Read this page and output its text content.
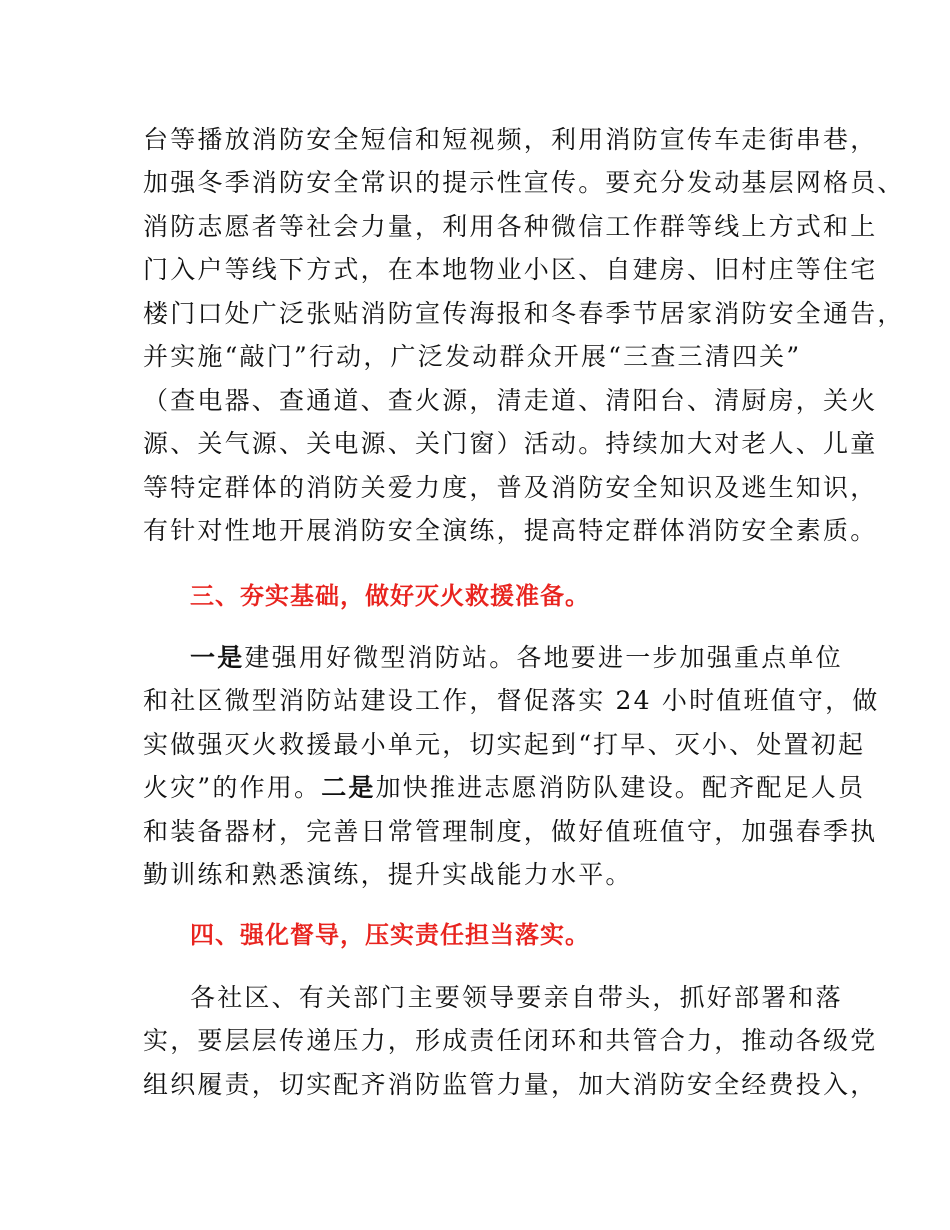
台等播放消防安全短信和短视频，利用消防宣传车走街串巷，
加强冬季消防安全常识的提示性宣传。要充分发动基层网格员、
消防志愿者等社会力量，利用各种微信工作群等线上方式和上
门入户等线下方式，在本地物业小区、自建房、旧村庄等住宅
楼门口处广泛张贴消防宣传海报和冬春季节居家消防安全通告，
并实施“敲门”行动，广泛发动群众开展“三查三清四关”
（查电器、查通道、查火源，清走道、清阳台、清厨房，关火
源、关气源、关电源、关门窗）活动。持续加大对老人、儿童
等特定群体的消防关爱力度，普及消防安全知识及逃生知识，
有针对性地开展消防安全演练，提高特定群体消防安全素质。
三、夯实基础，做好灭火救援准备。
一是建强用好微型消防站。各地要进一步加强重点单位
和社区微型消防站建设工作，督促落实 24 小时值班值守，做
实做强灭火救援最小单元，切实起到“打早、灭小、处置初起
火灾”的作用。二是加快推进志愿消防队建设。配齐配足人员
和装备器材，完善日常管理制度，做好值班值守，加强春季执
勤训练和熟悉演练，提升实战能力水平。
四、强化督导，压实责任担当落实。
各社区、有关部门主要领导要亲自带头，抓好部署和落
实，要层层传递压力，形成责任闭环和共管合力，推动各级党
组织履责，切实配齐消防监管力量，加大消防安全经费投入，
